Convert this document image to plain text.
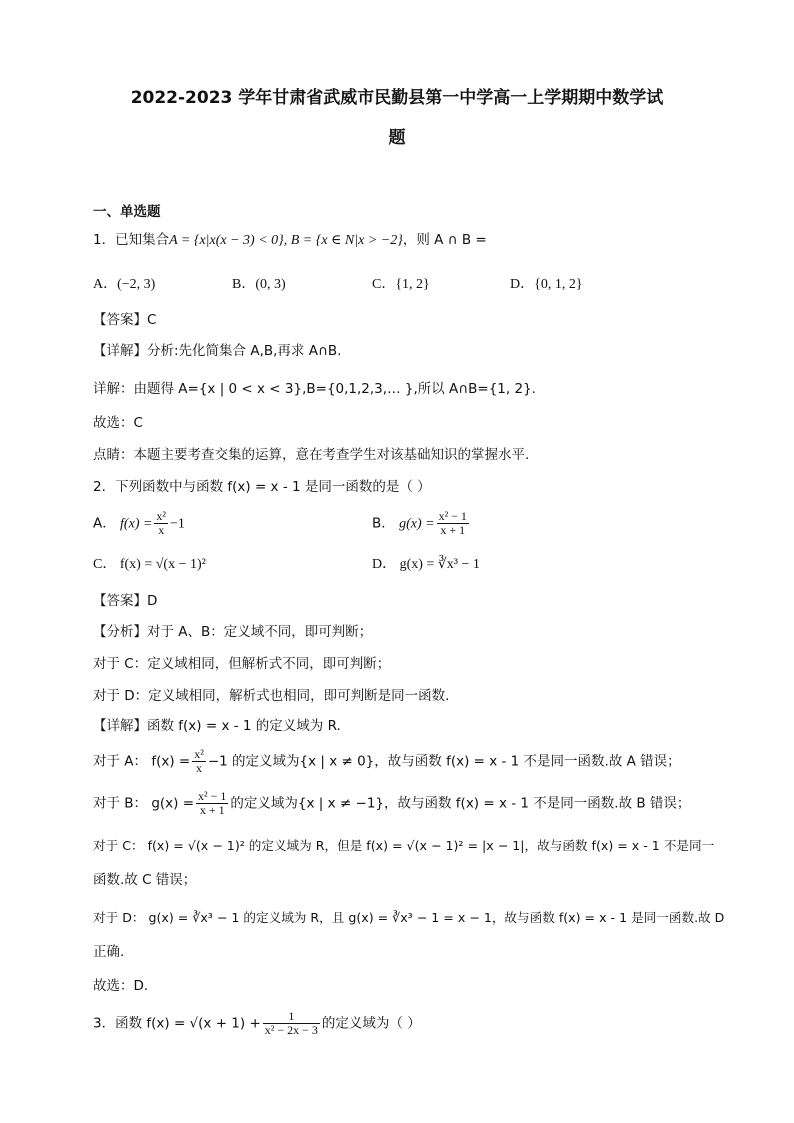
2022-2023 学年甘肃省武威市民勤县第一中学高一上学期期中数学试
题
一、单选题
1．已知集合A = {x|x(x − 3) < 0}, B = {x ∈ N|x > −2}，则 A ∩ B =
A．(−2, 3)	B．(0, 3)	C．{1, 2}	D．{0, 1, 2}
【答案】C
【详解】分析:先化简集合 A,B,再求 A∩B.
详解：由题得 A={x | 0 < x < 3},B={0,1,2,3,… },所以 A∩B={1, 2}.
故选：C
点睛：本题主要考查交集的运算，意在考查学生对该基础知识的掌握水平.
2．下列函数中与函数 f(x) = x - 1 是同一函数的是（ ）
A． $f(x) = \frac{\text{x²}}{x} -1$	B． $g(x) = \frac{\text{x² − 1}}{x + 1}$
C． f(x) = √(x − 1)²	D． g(x) = ∛x³ − 1
【答案】D
【分析】对于 A、B：定义域不同，即可判断；
对于 C：定义域相同，但解析式不同，即可判断；
对于 D：定义域相同，解析式也相同，即可判断是同一函数.
【详解】函数 f(x) = x - 1 的定义域为 R.
对于 A： $f(x) = \frac{\text{x²}}{x} -1$ 的定义域为{x | x ≠ 0}，故与函数 f(x) = x - 1 不是同一函数.故 A 错误；
对于 B： $g(x) = \frac{\text{x² − 1}}{x + 1}$ 的定义域为{x | x ≠ −1}，故与函数 f(x) = x - 1 不是同一函数.故 B 错误；
对于 C： f(x) = √(x − 1)² 的定义域为 R，但是 f(x) = √(x − 1)² = |x − 1|，故与函数 f(x) = x - 1 不是同一
函数.故 C 错误；
对于 D： g(x) = ∛x³ − 1 的定义域为 R，且 g(x) = ∛x³ − 1 = x − 1，故与函数 f(x) = x - 1 是同一函数.故 D
正确.
故选：D.
3．函数 $f(x) = √(x + 1) + \frac{1}{\text{x² − 2x − 3}}$ 的定义域为（ ）
